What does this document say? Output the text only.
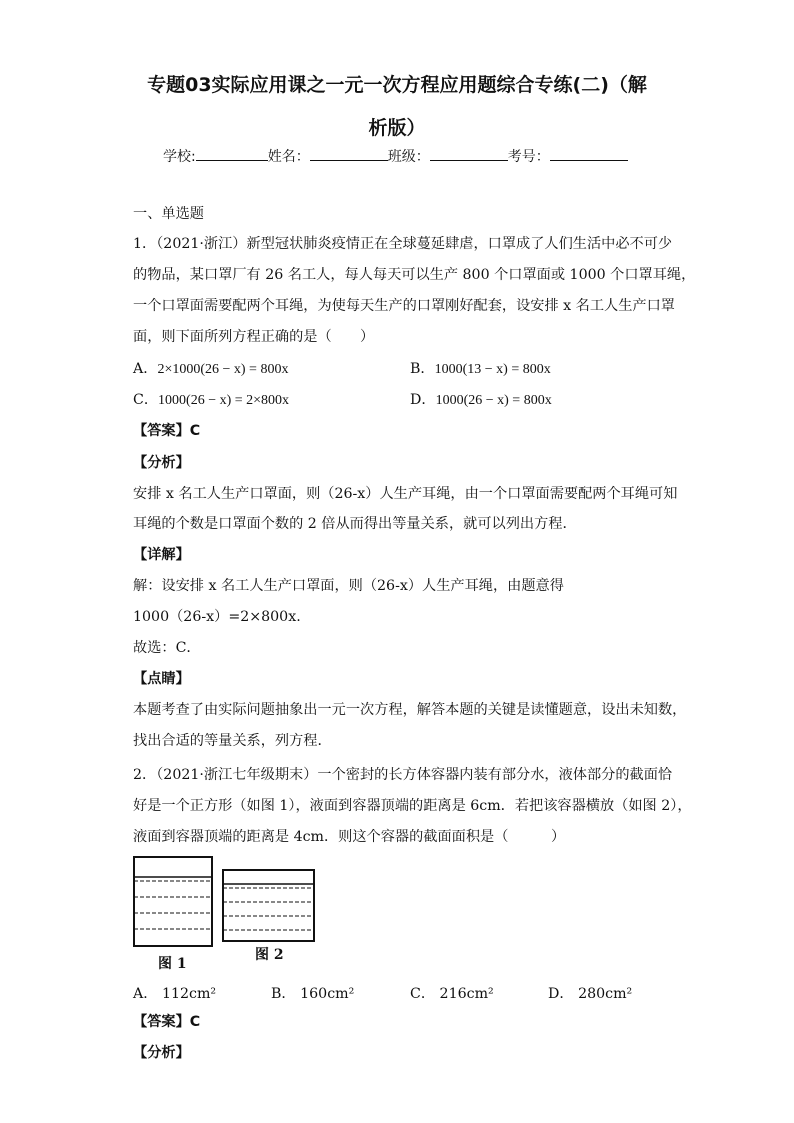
专题03实际应用课之一元一次方程应用题综合专练(二)（解
析版）
学校:	姓名：	班级：	考号：
一、单选题
1．（2021·浙江）新型冠状肺炎疫情正在全球蔓延肆虐，口罩成了人们生活中必不可少
的物品，某口罩厂有 26 名工人，每人每天可以生产 800 个口罩面或 1000 个口罩耳绳，
一个口罩面需要配两个耳绳，为使每天生产的口罩刚好配套，设安排 x 名工人生产口罩
面，则下面所列方程正确的是（　　）
A．2×1000(26 − x) = 800x	B．1000(13 − x) = 800x
C．1000(26 − x) = 2×800x	D．1000(26 − x) = 800x
【答案】C
【分析】
安排 x 名工人生产口罩面，则（26-x）人生产耳绳，由一个口罩面需要配两个耳绳可知
耳绳的个数是口罩面个数的 2 倍从而得出等量关系，就可以列出方程．
【详解】
解：设安排 x 名工人生产口罩面，则（26-x）人生产耳绳，由题意得
1000（26-x）=2×800x.
故选：C．
【点睛】
本题考查了由实际问题抽象出一元一次方程，解答本题的关键是读懂题意，设出未知数，
找出合适的等量关系，列方程．
2．（2021·浙江七年级期末）一个密封的长方体容器内装有部分水，液体部分的截面恰
好是一个正方形（如图 1），液面到容器顶端的距离是 6cm．若把该容器横放（如图 2），
液面到容器顶端的距离是 4cm．则这个容器的截面面积是（　　　）
图 1
图 2
A． 112cm²	B． 160cm²	C． 216cm²	D． 280cm²
【答案】C
【分析】
